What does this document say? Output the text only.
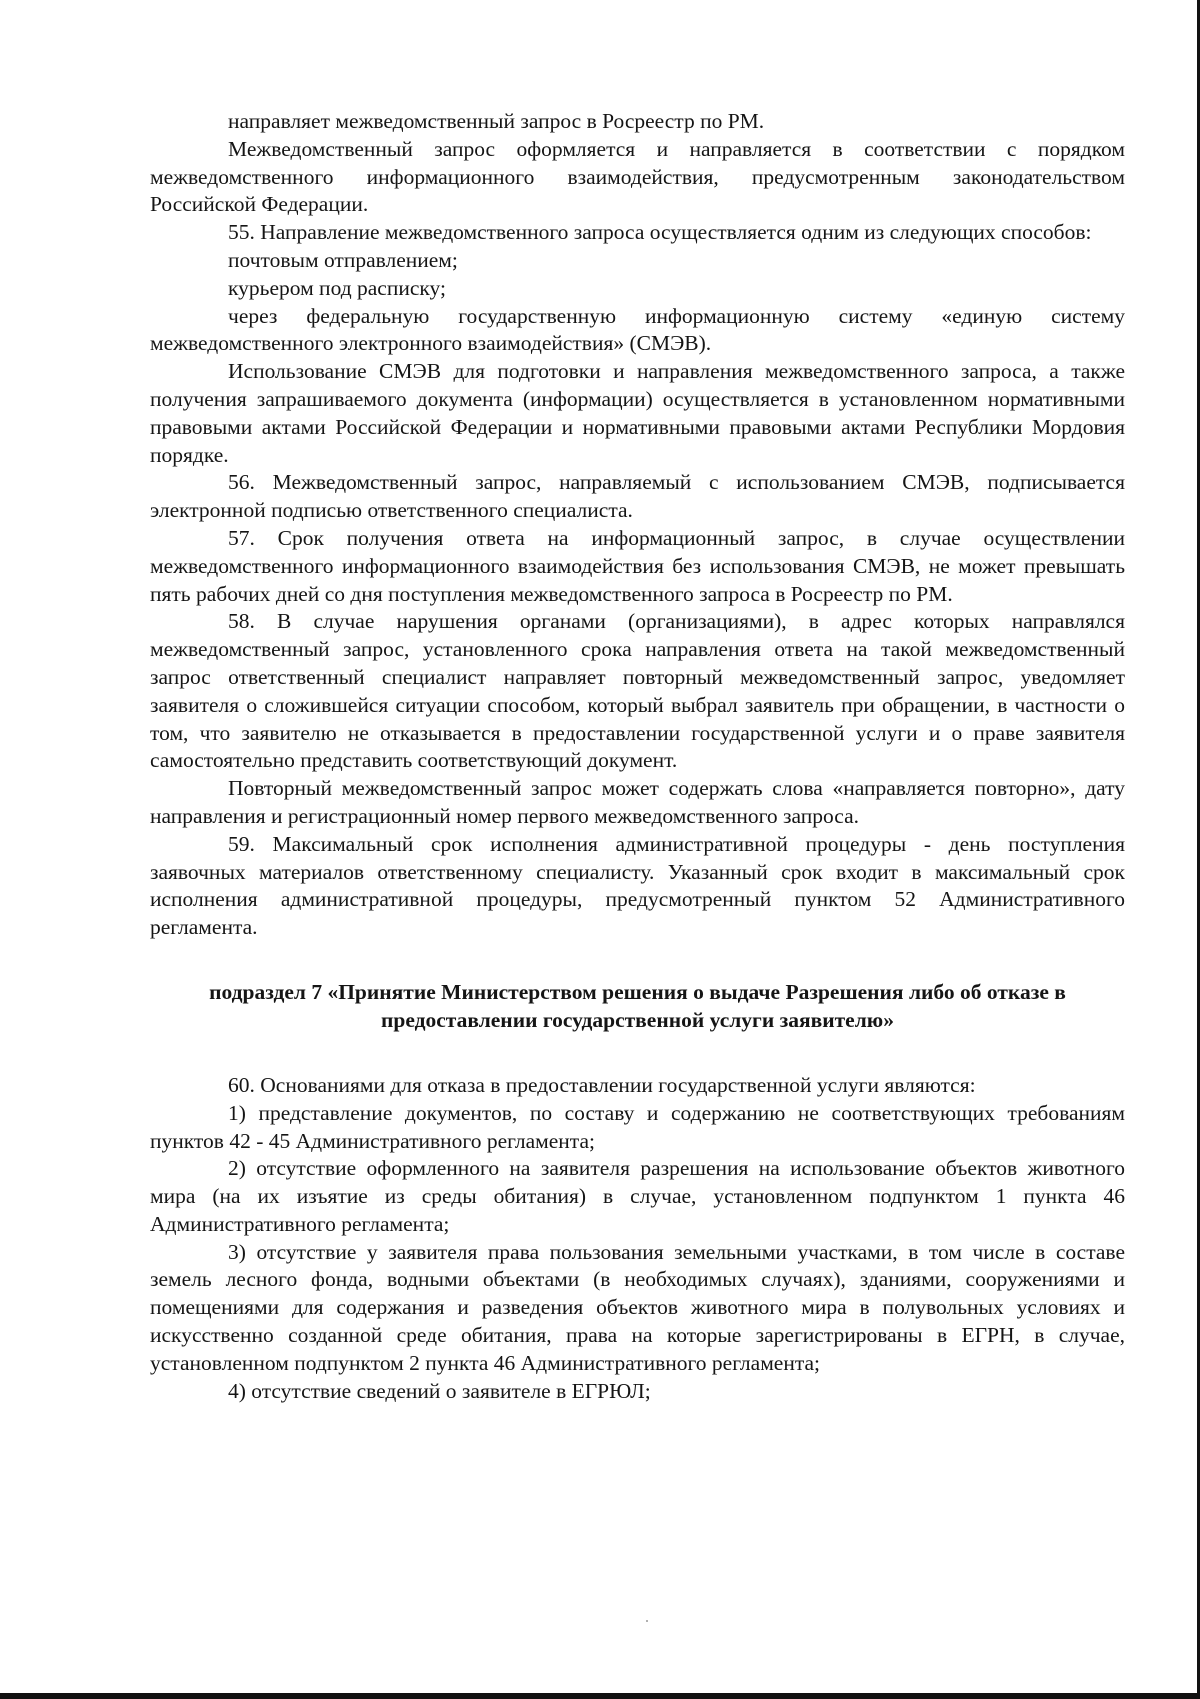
направляет межведомственный запрос в Росреестр по РМ.

Межведомственный запрос оформляется и направляется в соответствии с порядком межведомственного информационного взаимодействия, предусмотренным законодательством Российской Федерации.

55. Направление межведомственного запроса осуществляется одним из следующих способов:

почтовым отправлением;

курьером под расписку;

через федеральную государственную информационную систему «единую систему межведомственного электронного взаимодействия» (СМЭВ).

Использование СМЭВ для подготовки и направления межведомственного запроса, а также получения запрашиваемого документа (информации) осуществляется в установленном нормативными правовыми актами Российской Федерации и нормативными правовыми актами Республики Мордовия порядке.

56. Межведомственный запрос, направляемый с использованием СМЭВ, подписывается электронной подписью ответственного специалиста.

57. Срок получения ответа на информационный запрос, в случае осуществлении межведомственного информационного взаимодействия без использования СМЭВ, не может превышать пять рабочих дней со дня поступления межведомственного запроса в Росреестр по РМ.

58. В случае нарушения органами (организациями), в адрес которых направлялся межведомственный запрос, установленного срока направления ответа на такой межведомственный запрос ответственный специалист направляет повторный межведомственный запрос, уведомляет заявителя о сложившейся ситуации способом, который выбрал заявитель при обращении, в частности о том, что заявителю не отказывается в предоставлении государственной услуги и о праве заявителя самостоятельно представить соответствующий документ.

Повторный межведомственный запрос может содержать слова «направляется повторно», дату направления и регистрационный номер первого межведомственного запроса.

59. Максимальный срок исполнения административной процедуры - день поступления заявочных материалов ответственному специалисту. Указанный срок входит в максимальный срок исполнения административной процедуры, предусмотренный пунктом 52 Административного регламента.

подраздел 7 «Принятие Министерством решения о выдаче Разрешения либо об отказе в предоставлении государственной услуги заявителю»

60. Основаниями для отказа в предоставлении государственной услуги являются:

1) представление документов, по составу и содержанию не соответствующих требованиям пунктов 42 - 45 Административного регламента;

2) отсутствие оформленного на заявителя разрешения на использование объектов животного мира (на их изъятие из среды обитания) в случае, установленном подпунктом 1 пункта 46 Административного регламента;

3) отсутствие у заявителя права пользования земельными участками, в том числе в составе земель лесного фонда, водными объектами (в необходимых случаях), зданиями, сооружениями и помещениями для содержания и разведения объектов животного мира в полувольных условиях и искусственно созданной среде обитания, права на которые зарегистрированы в ЕГРН, в случае, установленном подпунктом 2 пункта 46 Административного регламента;

4) отсутствие сведений о заявителе в ЕГРЮЛ;
